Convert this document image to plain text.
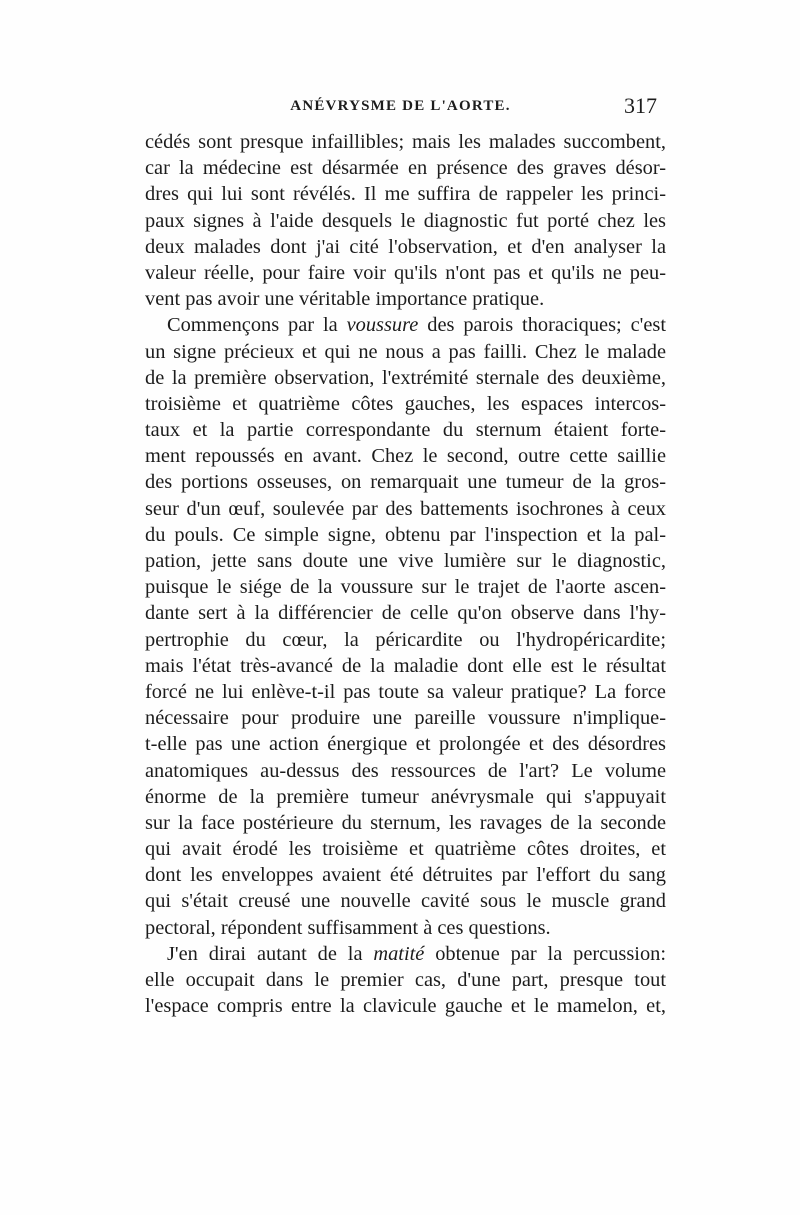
ANÉVRYSME DE L'AORTE.	317
cédés sont presque infaillibles; mais les malades succombent,
car la médecine est désarmée en présence des graves désor-
dres qui lui sont révélés. Il me suffira de rappeler les princi-
paux signes à l'aide desquels le diagnostic fut porté chez les
deux malades dont j'ai cité l'observation, et d'en analyser la
valeur réelle, pour faire voir qu'ils n'ont pas et qu'ils ne peu-
vent pas avoir une véritable importance pratique.
Commençons par la voussure des parois thoraciques; c'est
un signe précieux et qui ne nous a pas failli. Chez le malade
de la première observation, l'extrémité sternale des deuxième,
troisième et quatrième côtes gauches, les espaces intercos-
taux et la partie correspondante du sternum étaient forte-
ment repoussés en avant. Chez le second, outre cette saillie
des portions osseuses, on remarquait une tumeur de la gros-
seur d'un œuf, soulevée par des battements isochrones à ceux
du pouls. Ce simple signe, obtenu par l'inspection et la pal-
pation, jette sans doute une vive lumière sur le diagnostic,
puisque le siége de la voussure sur le trajet de l'aorte ascen-
dante sert à la différencier de celle qu'on observe dans l'hy-
pertrophie du cœur, la péricardite ou l'hydropéricardite;
mais l'état très-avancé de la maladie dont elle est le résultat
forcé ne lui enlève-t-il pas toute sa valeur pratique? La force
nécessaire pour produire une pareille voussure n'implique-
t-elle pas une action énergique et prolongée et des désordres
anatomiques au-dessus des ressources de l'art? Le volume
énorme de la première tumeur anévrysmale qui s'appuyait
sur la face postérieure du sternum, les ravages de la seconde
qui avait érodé les troisième et quatrième côtes droites, et
dont les enveloppes avaient été détruites par l'effort du sang
qui s'était creusé une nouvelle cavité sous le muscle grand
pectoral, répondent suffisamment à ces questions.
J'en dirai autant de la matité obtenue par la percussion:
elle occupait dans le premier cas, d'une part, presque tout
l'espace compris entre la clavicule gauche et le mamelon, et,
